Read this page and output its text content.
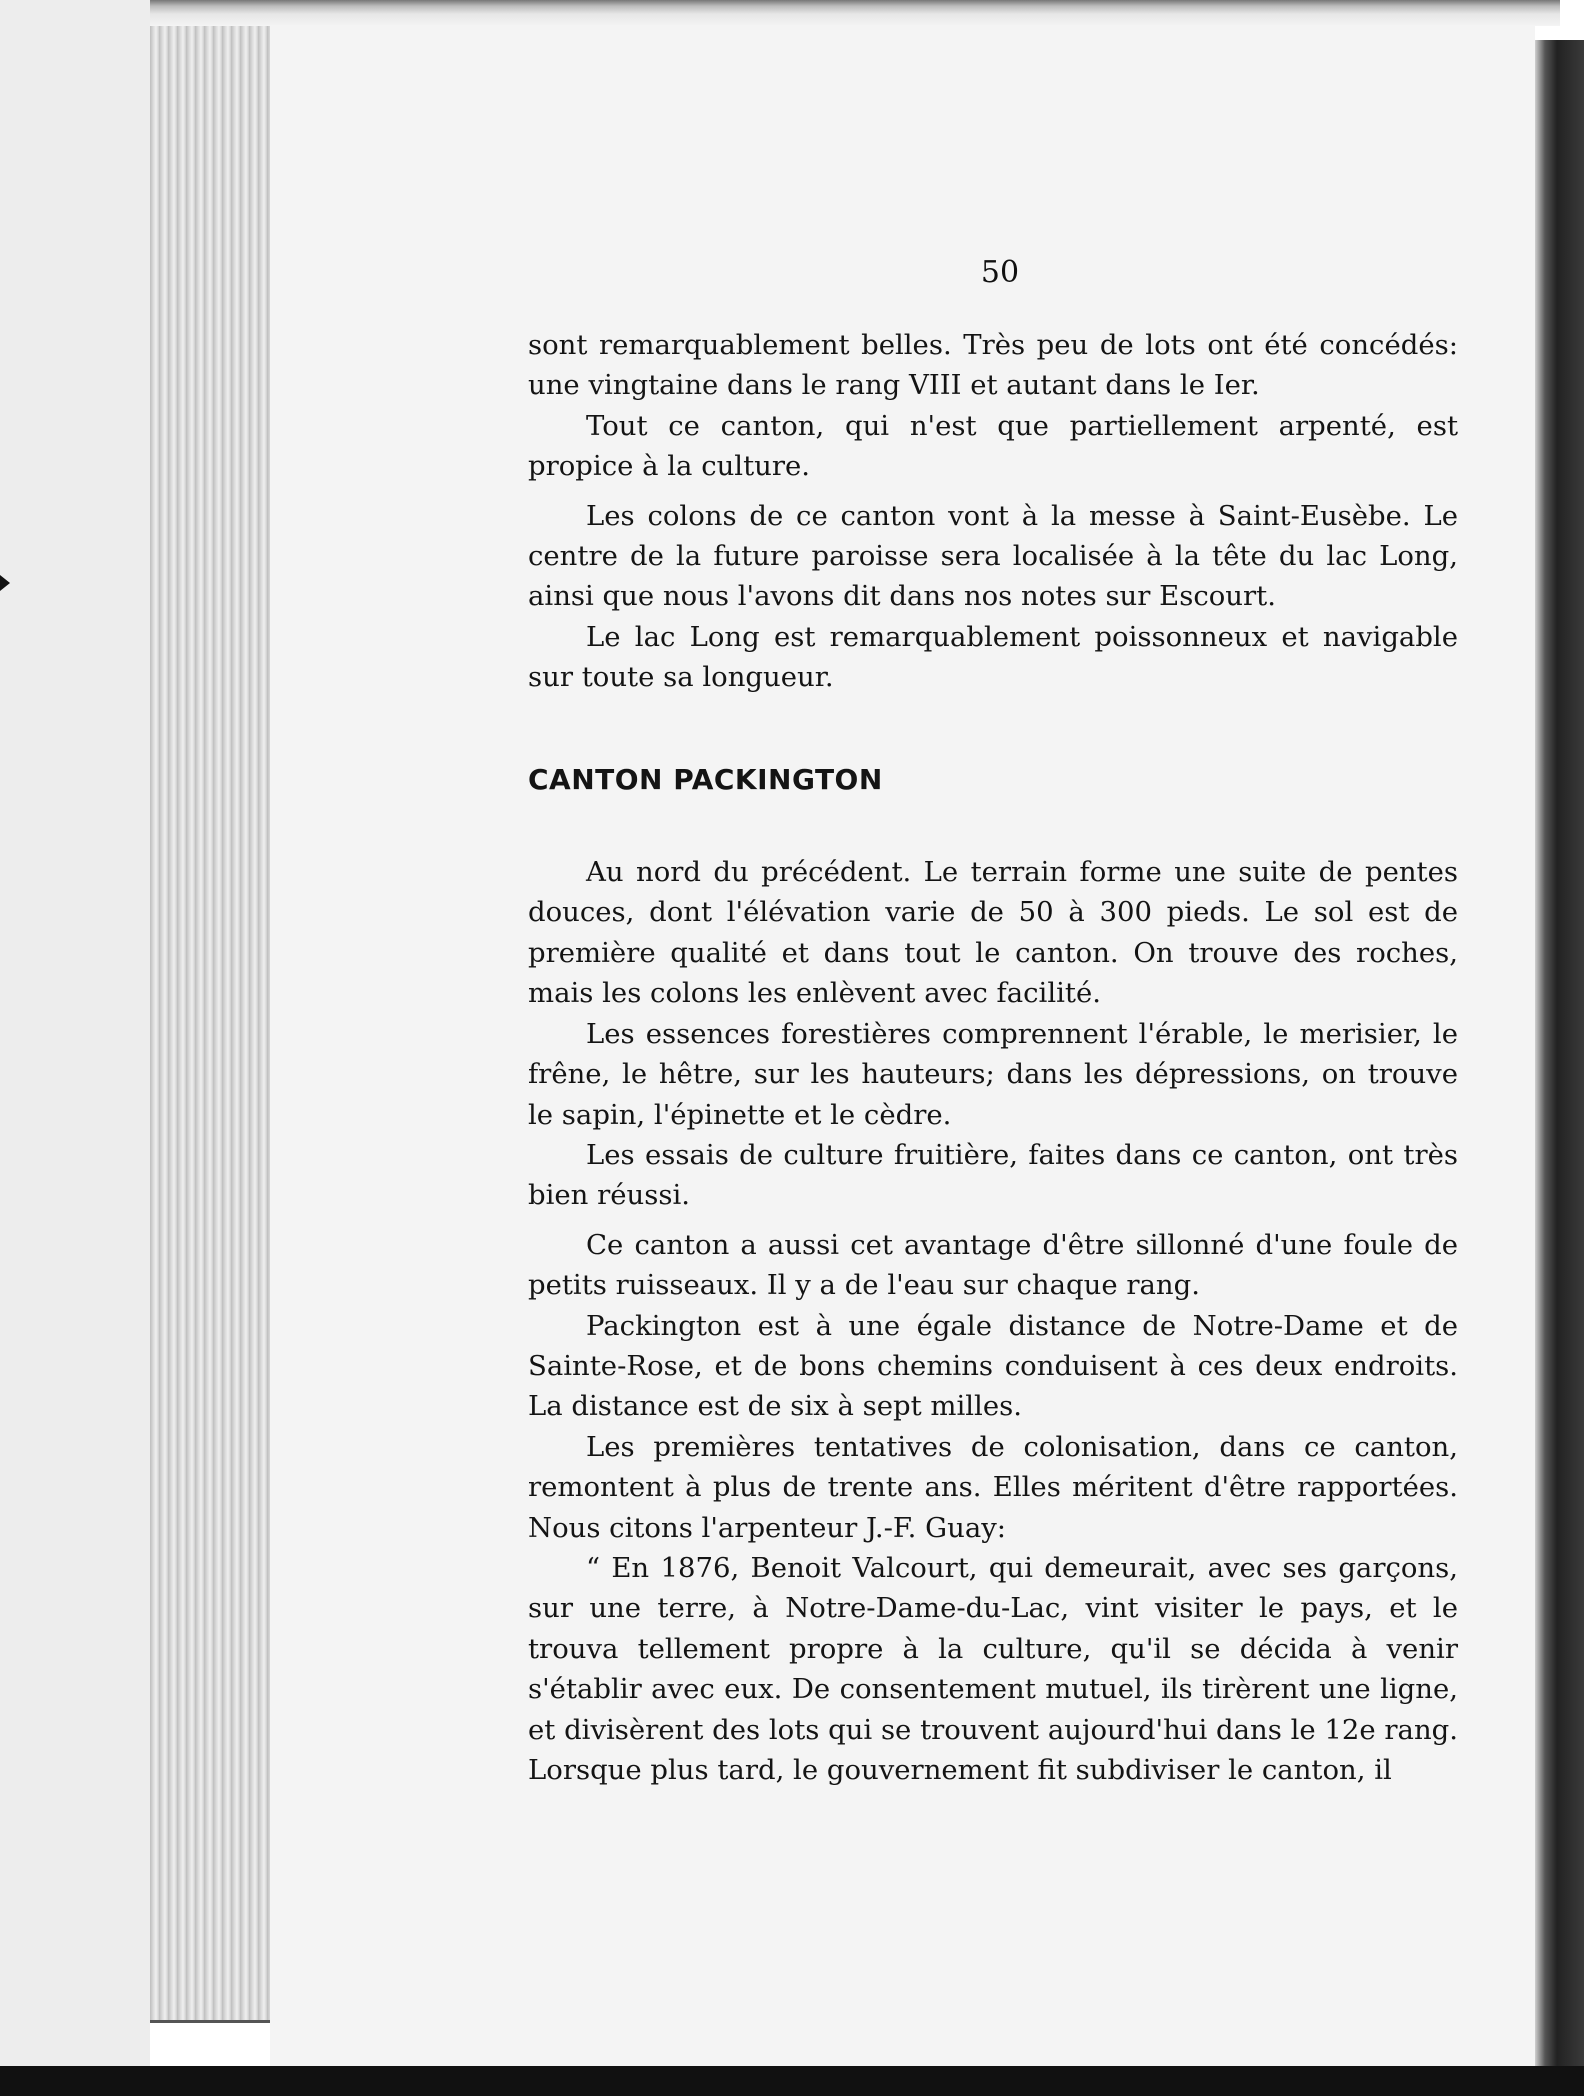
50

sont remarquablement belles. Très peu de lots ont été concédés: une vingtaine dans le rang VIII et autant dans le Ier.

Tout ce canton, qui n'est que partiellement arpenté, est propice à la culture.

Les colons de ce canton vont à la messe à Saint-Eusèbe. Le centre de la future paroisse sera localisée à la tête du lac Long, ainsi que nous l'avons dit dans nos notes sur Escourt.

Le lac Long est remarquablement poissonneux et navigable sur toute sa longueur.

CANTON PACKINGTON

Au nord du précédent. Le terrain forme une suite de pentes douces, dont l'élévation varie de 50 à 300 pieds. Le sol est de première qualité et dans tout le canton. On trouve des roches, mais les colons les enlèvent avec facilité.

Les essences forestières comprennent l'érable, le merisier, le frêne, le hêtre, sur les hauteurs; dans les dépressions, on trouve le sapin, l'épinette et le cèdre.

Les essais de culture fruitière, faites dans ce canton, ont très bien réussi.

Ce canton a aussi cet avantage d'être sillonné d'une foule de petits ruisseaux. Il y a de l'eau sur chaque rang.

Packington est à une égale distance de Notre-Dame et de Sainte-Rose, et de bons chemins conduisent à ces deux endroits. La distance est de six à sept milles.

Les premières tentatives de colonisation, dans ce canton, remontent à plus de trente ans. Elles méritent d'être rapportées. Nous citons l'arpenteur J.-F. Guay:

“ En 1876, Benoit Valcourt, qui demeurait, avec ses garçons, sur une terre, à Notre-Dame-du-Lac, vint visiter le pays, et le trouva tellement propre à la culture, qu'il se décida à venir s'établir avec eux. De consentement mutuel, ils tirèrent une ligne, et divisèrent des lots qui se trouvent aujourd'hui dans le 12e rang. Lorsque plus tard, le gouvernement fit subdiviser le canton, il
